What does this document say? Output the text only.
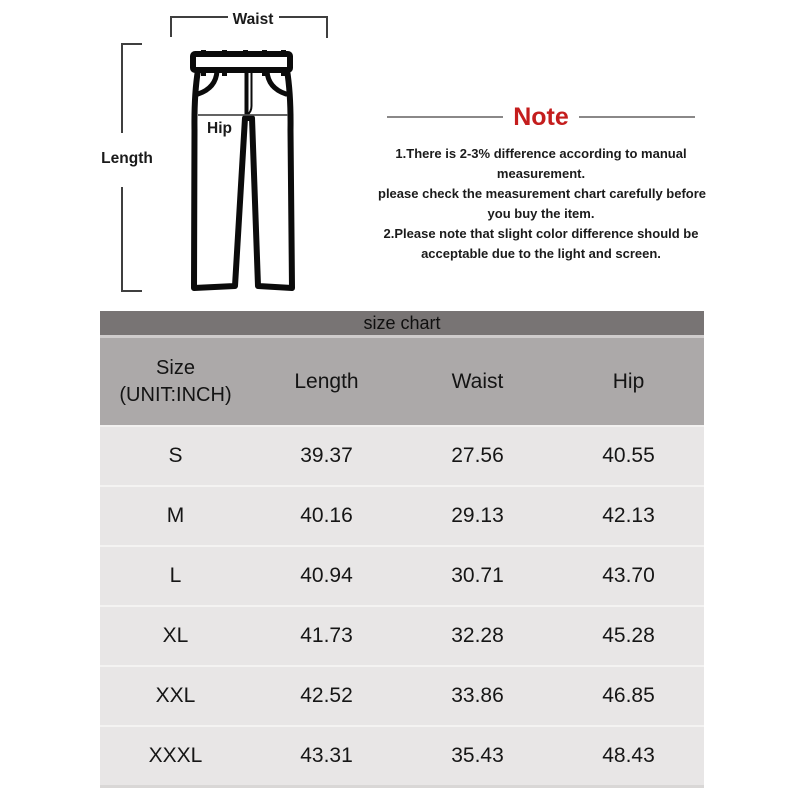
Waist
Length
Hip	Note
1.There is 2-3% difference according to manual
measurement.
please check the measurement chart carefully before
you buy the item.
2.Please note that slight color difference should be
acceptable due to the light and screen.
size chart
Size
(UNIT:INCH)
Length	Waist	Hip
S	39.37	27.56	40.55
M	40.16	29.13	42.13
L	40.94	30.71	43.70
XL	41.73	32.28	45.28
XXL	42.52	33.86	46.85
XXXL	43.31	35.43	48.43
